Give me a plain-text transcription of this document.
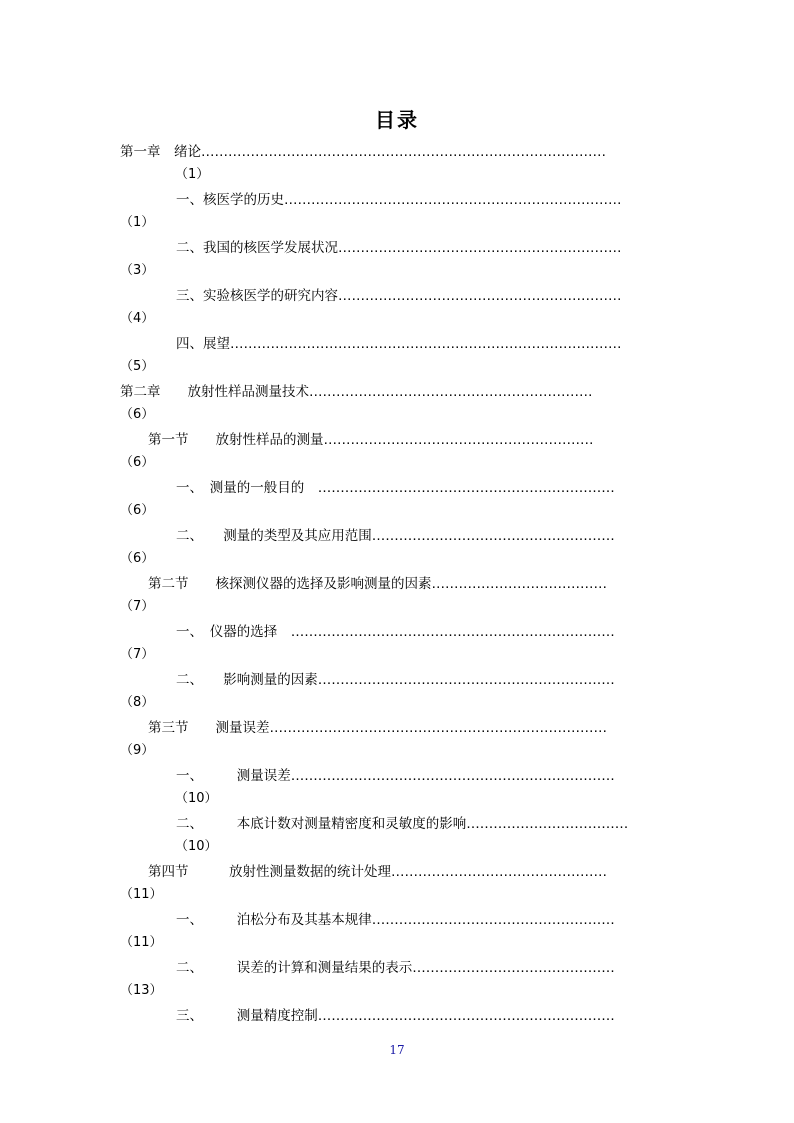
目录
第一章　绪论………………………………………………………………………………
（1）
一、核医学的历史…………………………………………………………………
（1）
二、我国的核医学发展状况………………………………………………………
（3）
三、实验核医学的研究内容………………………………………………………
（4）
四、展望……………………………………………………………………………
（5）
第二章　　放射性样品测量技术………………………………………………………
（6）
第一节　　放射性样品的测量……………………………………………………
（6）
一、　测量的一般目的　…………………………………………………………
（6）
二、　　测量的类型及其应用范围………………………………………………
（6）
第二节　　核探测仪器的选择及影响测量的因素…………………………………
（7）
一、　仪器的选择　………………………………………………………………
（7）
二、　　影响测量的因素…………………………………………………………
（8）
第三节　　测量误差…………………………………………………………………
（9）
一、　　　测量误差………………………………………………………………
（10）
二、　　　本底计数对测量精密度和灵敏度的影响………………………………
（10）
第四节　　　放射性测量数据的统计处理…………………………………………
（11）
一、　　　泊松分布及其基本规律………………………………………………
（11）
二、　　　误差的计算和测量结果的表示………………………………………
（13）
三、　　　测量精度控制…………………………………………………………
17
